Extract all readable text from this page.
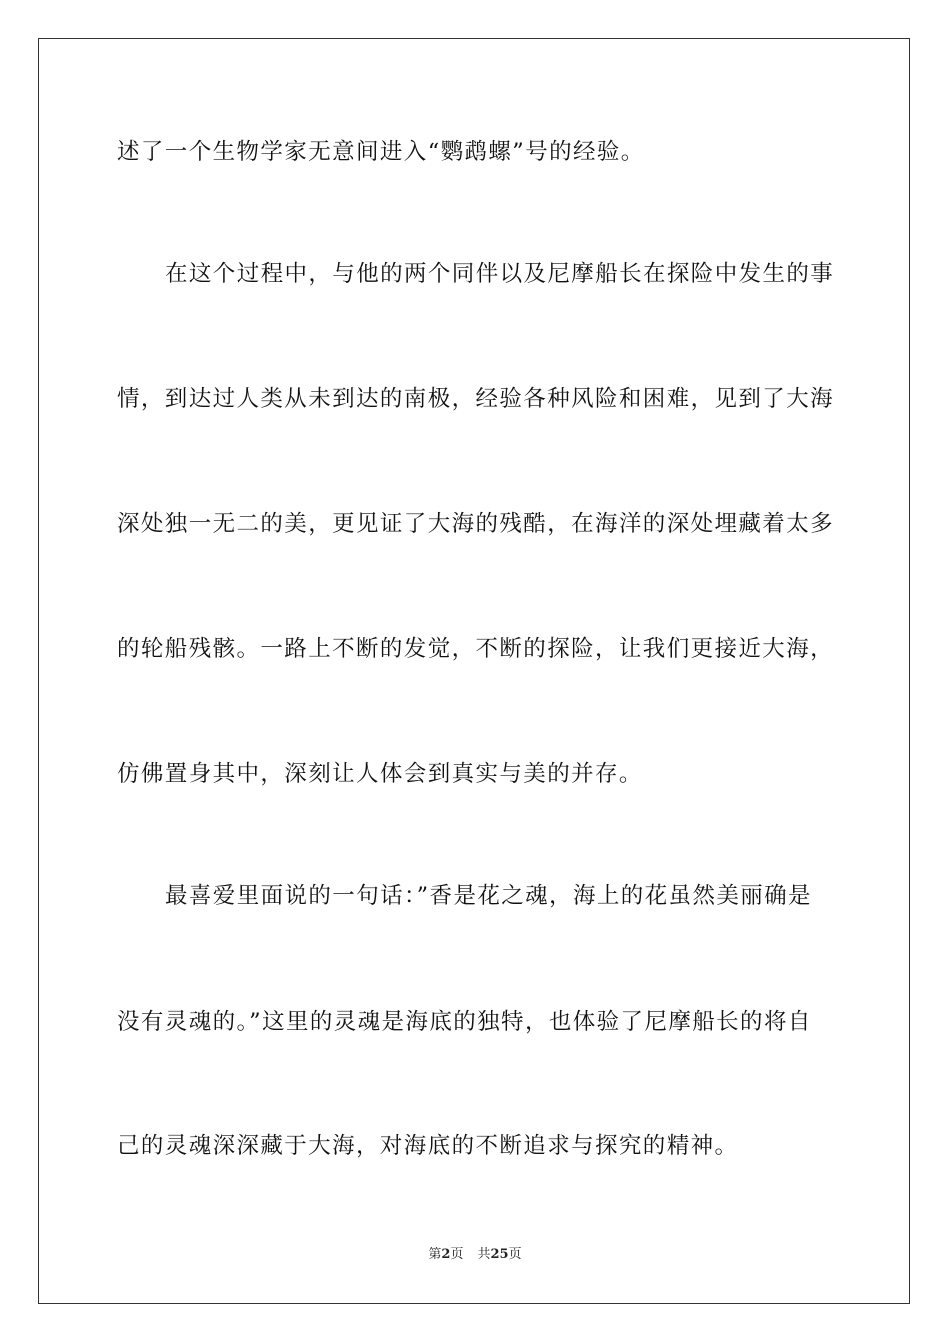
述了一个生物学家无意间进入“鹦鹉螺”号的经验。
在这个过程中，与他的两个同伴以及尼摩船长在探险中发生的事
情，到达过人类从未到达的南极，经验各种风险和困难，见到了大海
深处独一无二的美，更见证了大海的残酷，在海洋的深处埋藏着太多
的轮船残骸。一路上不断的发觉，不断的探险，让我们更接近大海，
仿佛置身其中，深刻让人体会到真实与美的并存。
最喜爱里面说的一句话：”香是花之魂，海上的花虽然美丽确是
没有灵魂的。”这里的灵魂是海底的独特，也体验了尼摩船长的将自
己的灵魂深深藏于大海，对海底的不断追求与探究的精神。
第2页 共25页
